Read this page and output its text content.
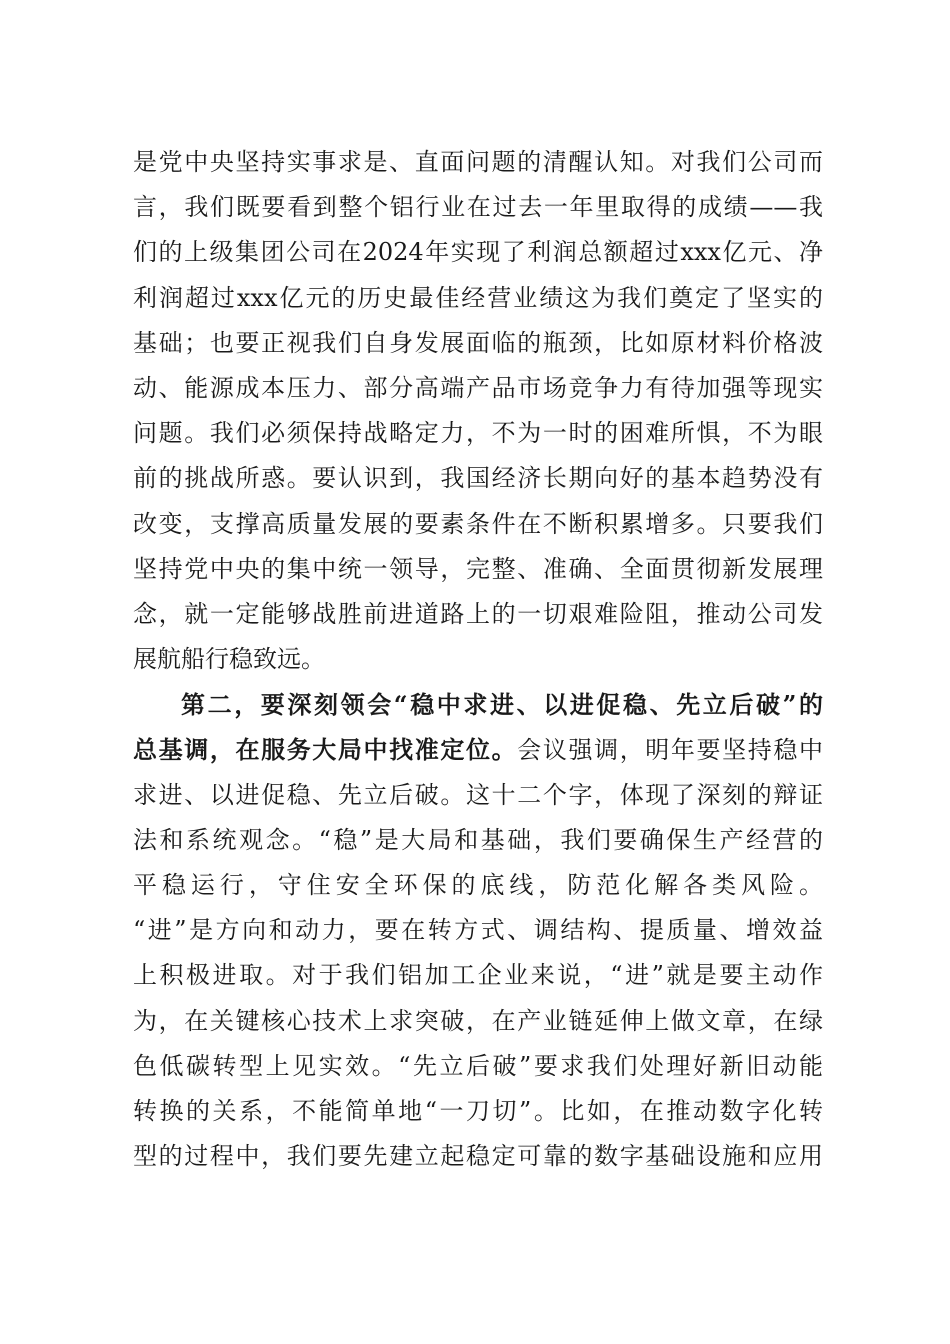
是党中央坚持实事求是、直面问题的清醒认知。对我们公司而
言，我们既要看到整个铝行业在过去一年里取得的成绩——我
们的上级集团公司在2024年实现了利润总额超过xxx亿元、净
利润超过xxx亿元的历史最佳经营业绩这为我们奠定了坚实的
基础；也要正视我们自身发展面临的瓶颈，比如原材料价格波
动、能源成本压力、部分高端产品市场竞争力有待加强等现实
问题。我们必须保持战略定力，不为一时的困难所惧，不为眼
前的挑战所惑。要认识到，我国经济长期向好的基本趋势没有
改变，支撑高质量发展的要素条件在不断积累增多。只要我们
坚持党中央的集中统一领导，完整、准确、全面贯彻新发展理
念，就一定能够战胜前进道路上的一切艰难险阻，推动公司发
展航船行稳致远。
第二，要深刻领会“稳中求进、以进促稳、先立后破”的
总基调，在服务大局中找准定位。会议强调，明年要坚持稳中
求进、以进促稳、先立后破。这十二个字，体现了深刻的辩证
法和系统观念。“稳”是大局和基础，我们要确保生产经营的
平稳运行，守住安全环保的底线，防范化解各类风险。
“进”是方向和动力，要在转方式、调结构、提质量、增效益
上积极进取。对于我们铝加工企业来说，“进”就是要主动作
为，在关键核心技术上求突破，在产业链延伸上做文章，在绿
色低碳转型上见实效。“先立后破”要求我们处理好新旧动能
转换的关系，不能简单地“一刀切”。比如，在推动数字化转
型的过程中，我们要先建立起稳定可靠的数字基础设施和应用
